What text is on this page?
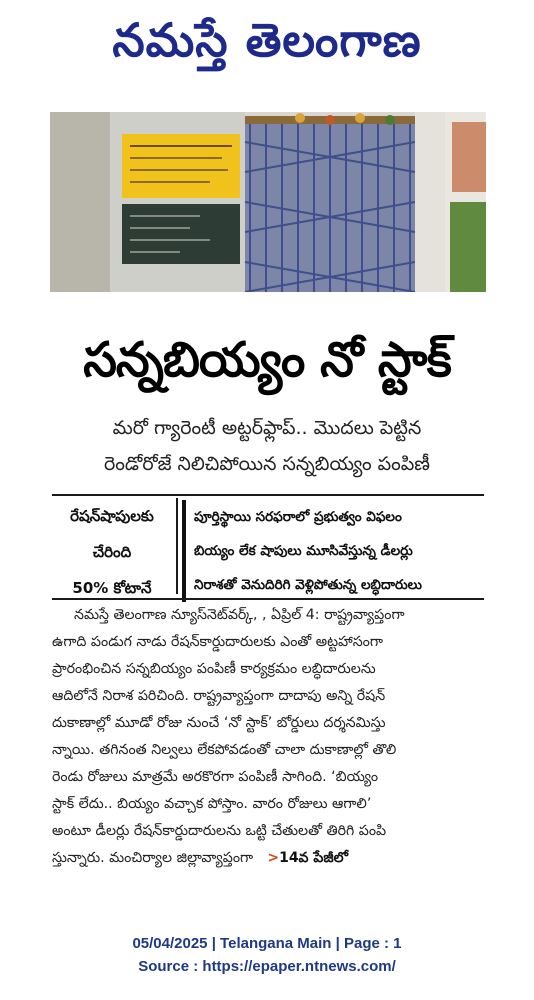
నమస్తే తెలంగాణ
సన్నబియ్యం నో స్టాక్
మరో గ్యారెంటీ అట్టర్‌ఫ్లాప్.. మొదలు పెట్టిన
రెండోరోజే నిలిచిపోయిన సన్నబియ్యం పంపిణీ
రేషన్‌షాపులకు
చేరింది
50% కోటానే
పూర్తిస్థాయి సరఫరాలో ప్రభుత్వం విఫలం
బియ్యం లేక షాపులు మూసివేస్తున్న డీలర్లు
నిరాశతో వెనుదిరిగి వెళ్లిపోతున్న లబ్ధిదారులు
నమస్తే తెలంగాణ న్యూస్‌నెట్‌వర్క్, , ఏప్రిల్ 4: రాష్ట్రవ్యాప్తంగా
ఉగాది పండుగ నాడు రేషన్‌కార్డుదారులకు ఎంతో అట్టహాసంగా
ప్రారంభించిన సన్నబియ్యం పంపిణీ కార్యక్రమం లబ్ధిదారులను
ఆదిలోనే నిరాశ పరిచింది. రాష్ట్రవ్యాప్తంగా దాదాపు అన్ని రేషన్
దుకాణాల్లో మూడో రోజు నుంచే ‘నో స్టాక్’ బోర్డులు దర్శనమిస్తు
న్నాయి. తగినంత నిల్వలు లేకపోవడంతో చాలా దుకాణాల్లో తొలి
రెండు రోజులు మాత్రమే అరకొరగా పంపిణీ సాగింది. ‘బియ్యం
స్టాక్ లేదు.. బియ్యం వచ్చాక పోస్తాం. వారం రోజులు ఆగాలి’
అంటూ డీలర్లు రేషన్‌కార్డుదారులను ఒట్టి చేతులతో తిరిగి పంపి
స్తున్నారు. మంచిర్యాల జిల్లావ్యాప్తంగా >14వ పేజీలో
05/04/2025 | Telangana Main | Page : 1
Source : https://epaper.ntnews.com/
